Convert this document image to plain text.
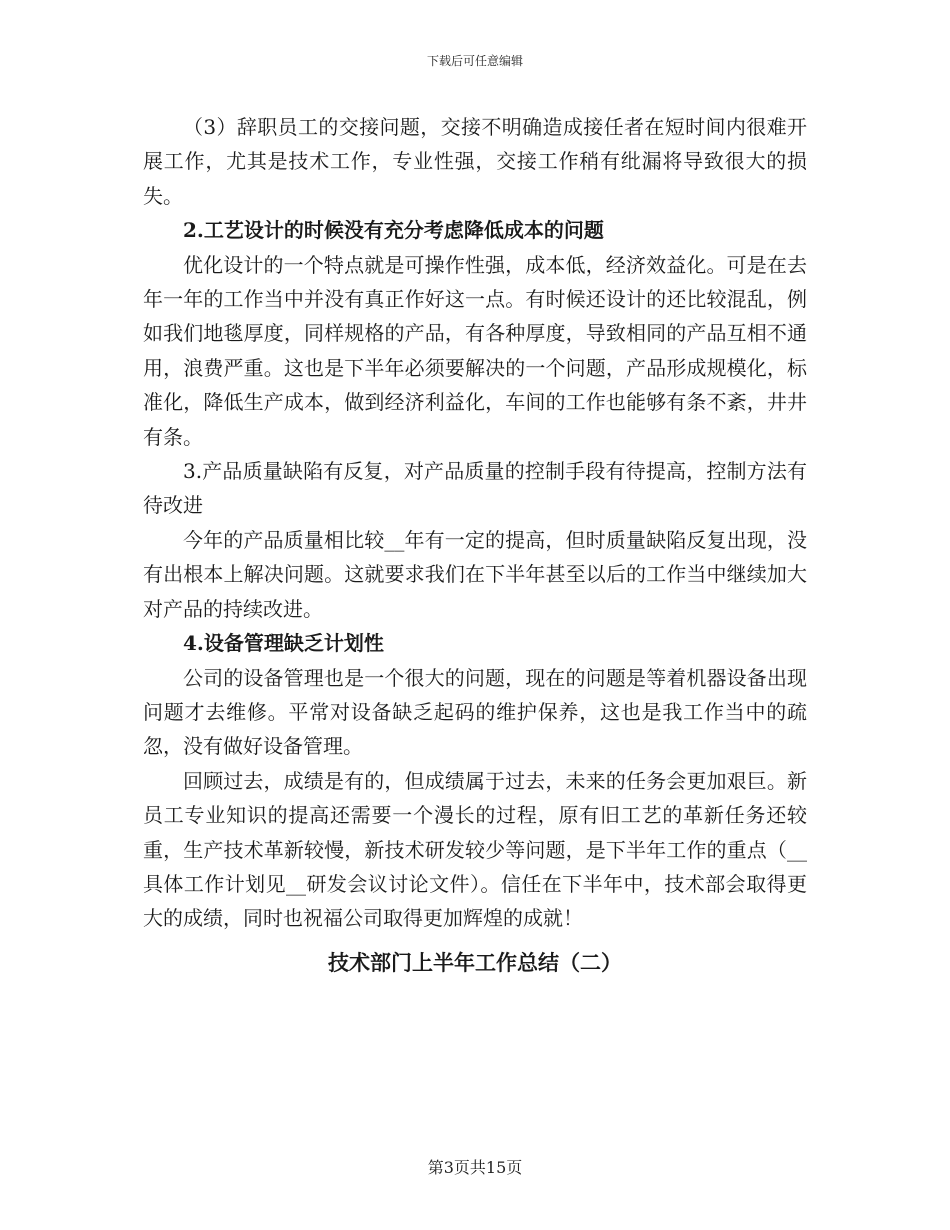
下载后可任意编辑

（3）辞职员工的交接问题，交接不明确造成接任者在短时间内很难开展工作，尤其是技术工作，专业性强，交接工作稍有纰漏将导致很大的损失。

2.工艺设计的时候没有充分考虑降低成本的问题

优化设计的一个特点就是可操作性强，成本低，经济效益化。可是在去年一年的工作当中并没有真正作好这一点。有时候还设计的还比较混乱，例如我们地毯厚度，同样规格的产品，有各种厚度，导致相同的产品互相不通用，浪费严重。这也是下半年必须要解决的一个问题，产品形成规模化，标准化，降低生产成本，做到经济利益化，车间的工作也能够有条不紊，井井有条。

3.产品质量缺陷有反复，对产品质量的控制手段有待提高，控制方法有待改进

今年的产品质量相比较__年有一定的提高，但时质量缺陷反复出现，没有出根本上解决问题。这就要求我们在下半年甚至以后的工作当中继续加大对产品的持续改进。

4.设备管理缺乏计划性

公司的设备管理也是一个很大的问题，现在的问题是等着机器设备出现问题才去维修。平常对设备缺乏起码的维护保养，这也是我工作当中的疏忽，没有做好设备管理。

回顾过去，成绩是有的，但成绩属于过去，未来的任务会更加艰巨。新员工专业知识的提高还需要一个漫长的过程，原有旧工艺的革新任务还较重，生产技术革新较慢，新技术研发较少等问题，是下半年工作的重点（__具体工作计划见__研发会议讨论文件）。信任在下半年中，技术部会取得更大的成绩，同时也祝福公司取得更加辉煌的成就！

技术部门上半年工作总结（二）

第3页共15页
